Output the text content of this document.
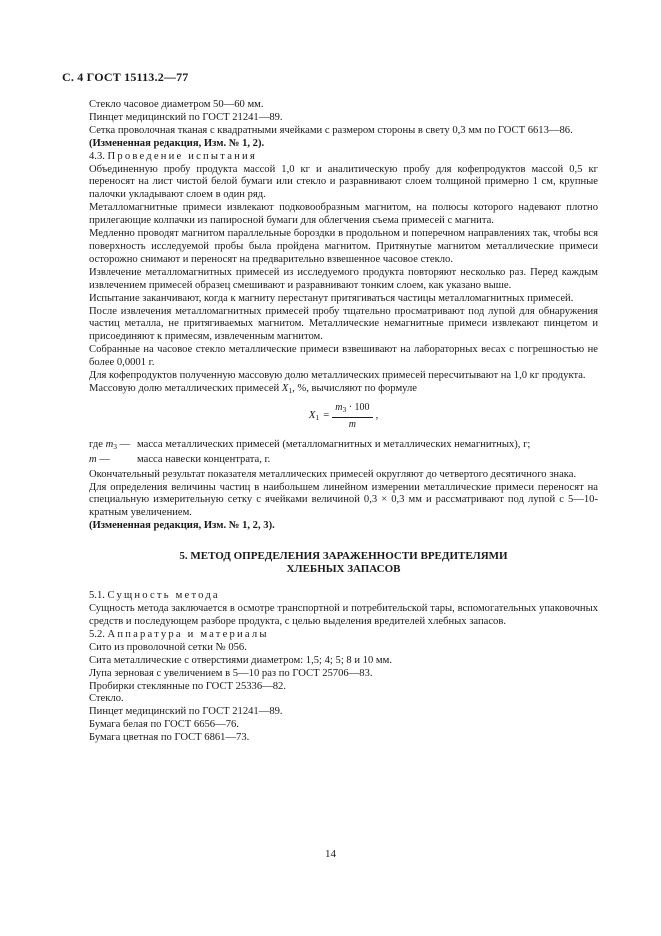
С. 4 ГОСТ 15113.2—77

Стекло часовое диаметром 50—60 мм.

Пинцет медицинский по ГОСТ 21241—89.

Сетка проволочная тканая с квадратными ячейками с размером стороны в свету 0,3 мм по ГОСТ 6613—86.

(Измененная редакция, Изм. № 1, 2).

4.3. Проведение испытания

Объединенную пробу продукта массой 1,0 кг и аналитическую пробу для кофепродуктов массой 0,5 кг переносят на лист чистой белой бумаги или стекло и разравнивают слоем толщиной примерно 1 см, крупные палочки укладывают слоем в один ряд.

Металломагнитные примеси извлекают подковообразным магнитом, на полюсы которого надевают плотно прилегающие колпачки из папиросной бумаги для облегчения съема примесей с магнита.

Медленно проводят магнитом параллельные бороздки в продольном и поперечном направлениях так, чтобы вся поверхность исследуемой пробы была пройдена магнитом. Притянутые магнитом металлические примеси осторожно снимают и переносят на предварительно взвешенное часовое стекло.

Извлечение металломагнитных примесей из исследуемого продукта повторяют несколько раз. Перед каждым извлечением примесей образец смешивают и разравнивают тонким слоем, как указано выше.

Испытание заканчивают, когда к магниту перестанут притягиваться частицы металломагнитных примесей.

После извлечения металломагнитных примесей пробу тщательно просматривают под лупой для обнаружения частиц металла, не притягиваемых магнитом. Металлические немагнитные примеси извлекают пинцетом и присоединяют к примесям, извлеченным магнитом.

Собранные на часовое стекло металлические примеси взвешивают на лабораторных весах с погрешностью не более 0,0001 г.

Для кофепродуктов полученную массовую долю металлических примесей пересчитывают на 1,0 кг продукта.

Массовую долю металлических примесей $X_1$, %, вычисляют по формуле

$X_1 = \frac{m_3 \cdot 100}{m}$ ,
где $m_3$ — масса металлических примесей (металломагнитных и металлических немагнитных), г;
m —	масса навески концентрата, г.

Окончательный результат показателя металлических примесей округляют до четвертого десятичного знака.

Для определения величины частиц в наибольшем линейном измерении металлические примеси переносят на специальную измерительную сетку с ячейками величиной 0,3 × 0,3 мм и рассматривают под лупой с 5—10-кратным увеличением.

(Измененная редакция, Изм. № 1, 2, 3).

5. МЕТОД ОПРЕДЕЛЕНИЯ ЗАРАЖЕННОСТИ ВРЕДИТЕЛЯМИ
ХЛЕБНЫХ ЗАПАСОВ

5.1. Сущность метода

Сущность метода заключается в осмотре транспортной и потребительской тары, вспомогательных упаковочных средств и последующем разборе продукта, с целью выделения вредителей хлебных запасов.

5.2. Аппаратура и материалы

Сито из проволочной сетки № 056.

Сита металлические с отверстиями диаметром: 1,5; 4; 5; 8 и 10 мм.

Лупа зерновая с увеличением в 5—10 раз по ГОСТ 25706—83.

Пробирки стеклянные по ГОСТ 25336—82.

Стекло.

Пинцет медицинский по ГОСТ 21241—89.

Бумага белая по ГОСТ 6656—76.

Бумага цветная по ГОСТ 6861—73.

14
